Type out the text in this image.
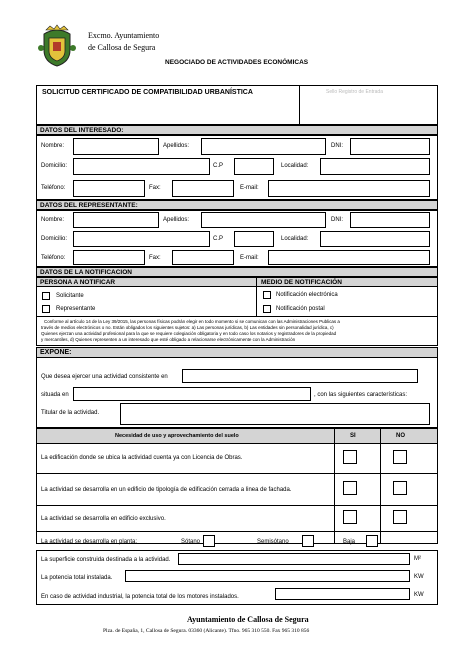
Excmo. Ayuntamiento
de Callosa de Segura
NEGOCIADO DE ACTIVIDADES ECONÓMICAS
SOLICITUD CERTIFICADO DE COMPATIBILIDAD URBANÍSTICA	Sello Registro de Entrada
DATOS DEL INTERESADO:
Nombre:	Apellidos:	DNI:
Domicilio:	C.P	Localidad:
Teléfono:	Fax:	E-mail:
DATOS DEL REPRESENTANTE:
Nombre:	Apellidos:	DNI:
Domicilio:	C.P	Localidad:
Teléfono:	Fax:	E-mail:
DATOS DE LA NOTIFICACION
PERSONA A NOTIFICAR	MEDIO DE NOTIFICACIÓN
Solicitante
Representante
Notificación electrónica
Notificación postal
Conforme al artículo 14 de la Ley 39/2015, las personas físicas podrán elegir en todo momento si se comunican con las Administraciones Publicas a
través de medios electrónicos o no. Están obligados los siguientes sujetos: a) Las personas jurídicas, b) Las entidades sin personalidad jurídica, c)
Quienes ejerzan una actividad profesional para la que se requiere colegiación obligatoria y en todo caso los notarios y registradores de la propiedad
y mercantiles, d) Quienes representen a un interesado que esté obligado a relacionarse electrónicamente con la Administración
EXPONE:
Que desea ejercer una actividad consistente en
situada en	, con las siguientes características:
Titular de la actividad.
Necesidad de uso y aprovechamiento del suelo	SI	NO
La edificación donde se ubica la actividad cuenta ya con Licencia de Obras.
La actividad se desarrolla en un edificio de tipología de edificación cerrada a linea de fachada.
La actividad se desarrolla en edificio exclusivo.
La actividad se desarrolla en planta:	Sótano	Semisótano	Baja
La superficie construida destinada a la actividad.	M²
La potencia total instalada.	KW
En caso de actividad industrial, la potencia total de los motores instalados.	KW
Ayuntamiento de Callosa de Segura
Plza. de España, 1, Callosa de Segura. 03360 (Alicante). Tfno. 965 310 550. Fax 965 310 856
